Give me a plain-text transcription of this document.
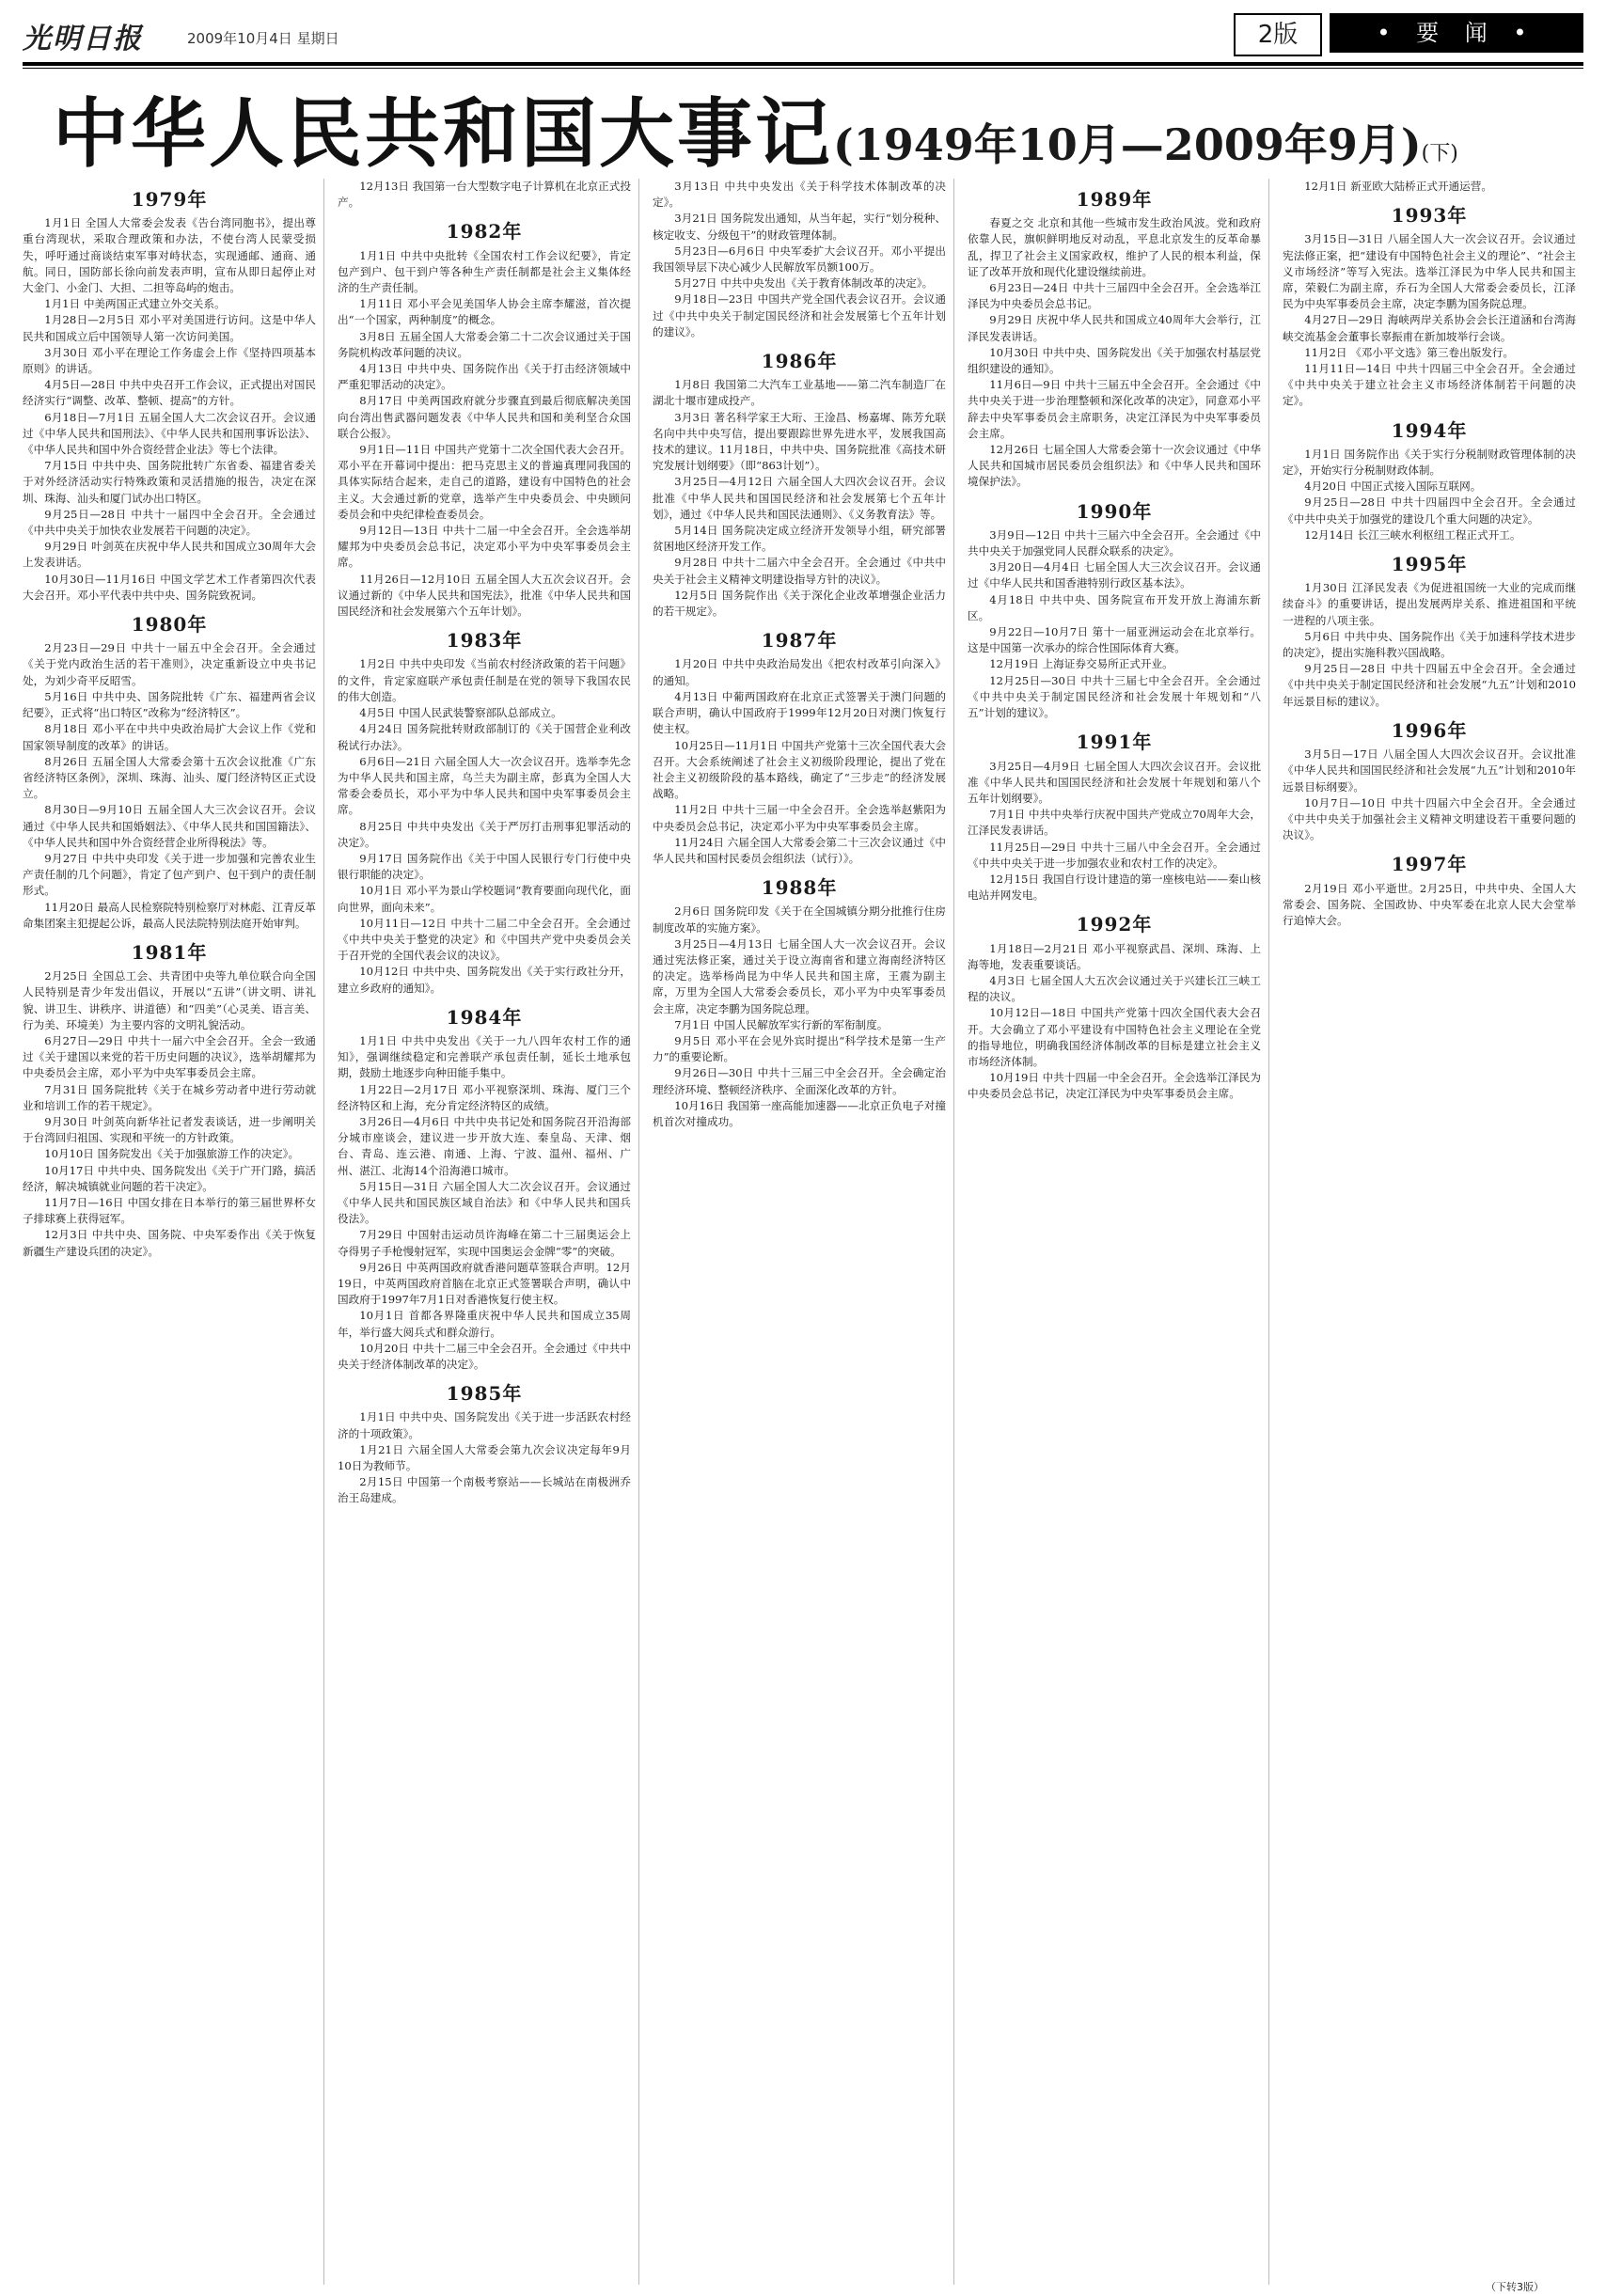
光明日报	2009年10月4日 星期日	2版	• 要 闻 •
中华人民共和国大事记(1949年10月—2009年9月)(下)
1979年

1月1日 全国人大常委会发表《告台湾同胞书》，提出尊重台湾现状，采取合理政策和办法，不使台湾人民蒙受损失，呼吁通过商谈结束军事对峙状态，实现通邮、通商、通航。同日，国防部长徐向前发表声明，宣布从即日起停止对大金门、小金门、大担、二担等岛屿的炮击。

1月1日 中美两国正式建立外交关系。

1月28日—2月5日 邓小平对美国进行访问。这是中华人民共和国成立后中国领导人第一次访问美国。

3月30日 邓小平在理论工作务虚会上作《坚持四项基本原则》的讲话。

4月5日—28日 中共中央召开工作会议，正式提出对国民经济实行“调整、改革、整顿、提高”的方针。

6月18日—7月1日 五届全国人大二次会议召开。会议通过《中华人民共和国刑法》、《中华人民共和国刑事诉讼法》、《中华人民共和国中外合资经营企业法》等七个法律。

7月15日 中共中央、国务院批转广东省委、福建省委关于对外经济活动实行特殊政策和灵活措施的报告，决定在深圳、珠海、汕头和厦门试办出口特区。

9月25日—28日 中共十一届四中全会召开。全会通过《中共中央关于加快农业发展若干问题的决定》。

9月29日 叶剑英在庆祝中华人民共和国成立30周年大会上发表讲话。

10月30日—11月16日 中国文学艺术工作者第四次代表大会召开。邓小平代表中共中央、国务院致祝词。

1980年

2月23日—29日 中共十一届五中全会召开。全会通过《关于党内政治生活的若干准则》，决定重新设立中央书记处，为刘少奇平反昭雪。

5月16日 中共中央、国务院批转《广东、福建两省会议纪要》，正式将“出口特区”改称为“经济特区”。

8月18日 邓小平在中共中央政治局扩大会议上作《党和国家领导制度的改革》的讲话。

8月26日 五届全国人大常委会第十五次会议批准《广东省经济特区条例》，深圳、珠海、汕头、厦门经济特区正式设立。

8月30日—9月10日 五届全国人大三次会议召开。会议通过《中华人民共和国婚姻法》、《中华人民共和国国籍法》、《中华人民共和国中外合资经营企业所得税法》等。

9月27日 中共中央印发《关于进一步加强和完善农业生产责任制的几个问题》，肯定了包产到户、包干到户的责任制形式。

11月20日 最高人民检察院特别检察厅对林彪、江青反革命集团案主犯提起公诉，最高人民法院特别法庭开始审判。

1981年

2月25日 全国总工会、共青团中央等九单位联合向全国人民特别是青少年发出倡议，开展以“五讲”（讲文明、讲礼貌、讲卫生、讲秩序、讲道德）和“四美”（心灵美、语言美、行为美、环境美）为主要内容的文明礼貌活动。

6月27日—29日 中共十一届六中全会召开。全会一致通过《关于建国以来党的若干历史问题的决议》，选举胡耀邦为中央委员会主席，邓小平为中央军事委员会主席。

7月31日 国务院批转《关于在城乡劳动者中进行劳动就业和培训工作的若干规定》。

9月30日 叶剑英向新华社记者发表谈话，进一步阐明关于台湾回归祖国、实现和平统一的方针政策。

10月10日 国务院发出《关于加强旅游工作的决定》。

10月17日 中共中央、国务院发出《关于广开门路，搞活经济，解决城镇就业问题的若干决定》。

11月7日—16日 中国女排在日本举行的第三届世界杯女子排球赛上获得冠军。

12月3日 中共中央、国务院、中央军委作出《关于恢复新疆生产建设兵团的决定》。

12月13日 我国第一台大型数字电子计算机在北京正式投产。

1982年

1月1日 中共中央批转《全国农村工作会议纪要》，肯定包产到户、包干到户等各种生产责任制都是社会主义集体经济的生产责任制。

1月11日 邓小平会见美国华人协会主席李耀滋，首次提出“一个国家，两种制度”的概念。

3月8日 五届全国人大常委会第二十二次会议通过关于国务院机构改革问题的决议。

4月13日 中共中央、国务院作出《关于打击经济领域中严重犯罪活动的决定》。

8月17日 中美两国政府就分步骤直到最后彻底解决美国向台湾出售武器问题发表《中华人民共和国和美利坚合众国联合公报》。

9月1日—11日 中国共产党第十二次全国代表大会召开。邓小平在开幕词中提出：把马克思主义的普遍真理同我国的具体实际结合起来，走自己的道路，建设有中国特色的社会主义。大会通过新的党章，选举产生中央委员会、中央顾问委员会和中央纪律检查委员会。

9月12日—13日 中共十二届一中全会召开。全会选举胡耀邦为中央委员会总书记，决定邓小平为中央军事委员会主席。

11月26日—12月10日 五届全国人大五次会议召开。会议通过新的《中华人民共和国宪法》，批准《中华人民共和国国民经济和社会发展第六个五年计划》。

1983年

1月2日 中共中央印发《当前农村经济政策的若干问题》的文件，肯定家庭联产承包责任制是在党的领导下我国农民的伟大创造。

4月5日 中国人民武装警察部队总部成立。

4月24日 国务院批转财政部制订的《关于国营企业利改税试行办法》。

6月6日—21日 六届全国人大一次会议召开。选举李先念为中华人民共和国主席，乌兰夫为副主席，彭真为全国人大常委会委员长，邓小平为中华人民共和国中央军事委员会主席。

8月25日 中共中央发出《关于严厉打击刑事犯罪活动的决定》。

9月17日 国务院作出《关于中国人民银行专门行使中央银行职能的决定》。

10月1日 邓小平为景山学校题词“教育要面向现代化，面向世界，面向未来”。

10月11日—12日 中共十二届二中全会召开。全会通过《中共中央关于整党的决定》和《中国共产党中央委员会关于召开党的全国代表会议的决议》。

10月12日 中共中央、国务院发出《关于实行政社分开，建立乡政府的通知》。

1984年

1月1日 中共中央发出《关于一九八四年农村工作的通知》，强调继续稳定和完善联产承包责任制，延长土地承包期，鼓励土地逐步向种田能手集中。

1月22日—2月17日 邓小平视察深圳、珠海、厦门三个经济特区和上海，充分肯定经济特区的成绩。

3月26日—4月6日 中共中央书记处和国务院召开沿海部分城市座谈会，建议进一步开放大连、秦皇岛、天津、烟台、青岛、连云港、南通、上海、宁波、温州、福州、广州、湛江、北海14个沿海港口城市。

5月15日—31日 六届全国人大二次会议召开。会议通过《中华人民共和国民族区域自治法》和《中华人民共和国兵役法》。

7月29日 中国射击运动员许海峰在第二十三届奥运会上夺得男子手枪慢射冠军，实现中国奥运会金牌“零”的突破。

9月26日 中英两国政府就香港问题草签联合声明。12月19日，中英两国政府首脑在北京正式签署联合声明，确认中国政府于1997年7月1日对香港恢复行使主权。

10月1日 首都各界隆重庆祝中华人民共和国成立35周年，举行盛大阅兵式和群众游行。

10月20日 中共十二届三中全会召开。全会通过《中共中央关于经济体制改革的决定》。

1985年

1月1日 中共中央、国务院发出《关于进一步活跃农村经济的十项政策》。

1月21日 六届全国人大常委会第九次会议决定每年9月10日为教师节。

2月15日 中国第一个南极考察站——长城站在南极洲乔治王岛建成。

3月13日 中共中央发出《关于科学技术体制改革的决定》。

3月21日 国务院发出通知，从当年起，实行“划分税种、核定收支、分级包干”的财政管理体制。

5月23日—6月6日 中央军委扩大会议召开。邓小平提出我国领导层下决心减少人民解放军员额100万。

5月27日 中共中央发出《关于教育体制改革的决定》。

9月18日—23日 中国共产党全国代表会议召开。会议通过《中共中央关于制定国民经济和社会发展第七个五年计划的建议》。

1986年

1月8日 我国第二大汽车工业基地——第二汽车制造厂在湖北十堰市建成投产。

3月3日 著名科学家王大珩、王淦昌、杨嘉墀、陈芳允联名向中共中央写信，提出要跟踪世界先进水平，发展我国高技术的建议。11月18日，中共中央、国务院批准《高技术研究发展计划纲要》（即“863计划”）。

3月25日—4月12日 六届全国人大四次会议召开。会议批准《中华人民共和国国民经济和社会发展第七个五年计划》，通过《中华人民共和国民法通则》、《义务教育法》等。

5月14日 国务院决定成立经济开发领导小组，研究部署贫困地区经济开发工作。

9月28日 中共十二届六中全会召开。全会通过《中共中央关于社会主义精神文明建设指导方针的决议》。

12月5日 国务院作出《关于深化企业改革增强企业活力的若干规定》。

1987年

1月20日 中共中央政治局发出《把农村改革引向深入》的通知。

4月13日 中葡两国政府在北京正式签署关于澳门问题的联合声明，确认中国政府于1999年12月20日对澳门恢复行使主权。

10月25日—11月1日 中国共产党第十三次全国代表大会召开。大会系统阐述了社会主义初级阶段理论，提出了党在社会主义初级阶段的基本路线，确定了“三步走”的经济发展战略。

11月2日 中共十三届一中全会召开。全会选举赵紫阳为中央委员会总书记，决定邓小平为中央军事委员会主席。

11月24日 六届全国人大常委会第二十三次会议通过《中华人民共和国村民委员会组织法（试行）》。

1988年

2月6日 国务院印发《关于在全国城镇分期分批推行住房制度改革的实施方案》。

3月25日—4月13日 七届全国人大一次会议召开。会议通过宪法修正案，通过关于设立海南省和建立海南经济特区的决定。选举杨尚昆为中华人民共和国主席，王震为副主席，万里为全国人大常委会委员长，邓小平为中央军事委员会主席，决定李鹏为国务院总理。

7月1日 中国人民解放军实行新的军衔制度。

9月5日 邓小平在会见外宾时提出“科学技术是第一生产力”的重要论断。

9月26日—30日 中共十三届三中全会召开。全会确定治理经济环境、整顿经济秩序、全面深化改革的方针。

10月16日 我国第一座高能加速器——北京正负电子对撞机首次对撞成功。

1989年

春夏之交 北京和其他一些城市发生政治风波。党和政府依靠人民，旗帜鲜明地反对动乱，平息北京发生的反革命暴乱，捍卫了社会主义国家政权，维护了人民的根本利益，保证了改革开放和现代化建设继续前进。

6月23日—24日 中共十三届四中全会召开。全会选举江泽民为中央委员会总书记。

9月29日 庆祝中华人民共和国成立40周年大会举行，江泽民发表讲话。

10月30日 中共中央、国务院发出《关于加强农村基层党组织建设的通知》。

11月6日—9日 中共十三届五中全会召开。全会通过《中共中央关于进一步治理整顿和深化改革的决定》，同意邓小平辞去中央军事委员会主席职务，决定江泽民为中央军事委员会主席。

12月26日 七届全国人大常委会第十一次会议通过《中华人民共和国城市居民委员会组织法》和《中华人民共和国环境保护法》。

1990年

3月9日—12日 中共十三届六中全会召开。全会通过《中共中央关于加强党同人民群众联系的决定》。

3月20日—4月4日 七届全国人大三次会议召开。会议通过《中华人民共和国香港特别行政区基本法》。

4月18日 中共中央、国务院宣布开发开放上海浦东新区。

9月22日—10月7日 第十一届亚洲运动会在北京举行。这是中国第一次承办的综合性国际体育大赛。

12月19日 上海证券交易所正式开业。

12月25日—30日 中共十三届七中全会召开。全会通过《中共中央关于制定国民经济和社会发展十年规划和“八五”计划的建议》。

1991年

3月25日—4月9日 七届全国人大四次会议召开。会议批准《中华人民共和国国民经济和社会发展十年规划和第八个五年计划纲要》。

7月1日 中共中央举行庆祝中国共产党成立70周年大会，江泽民发表讲话。

11月25日—29日 中共十三届八中全会召开。全会通过《中共中央关于进一步加强农业和农村工作的决定》。

12月15日 我国自行设计建造的第一座核电站——秦山核电站并网发电。

1992年

1月18日—2月21日 邓小平视察武昌、深圳、珠海、上海等地，发表重要谈话。

4月3日 七届全国人大五次会议通过关于兴建长江三峡工程的决议。

10月12日—18日 中国共产党第十四次全国代表大会召开。大会确立了邓小平建设有中国特色社会主义理论在全党的指导地位，明确我国经济体制改革的目标是建立社会主义市场经济体制。

10月19日 中共十四届一中全会召开。全会选举江泽民为中央委员会总书记，决定江泽民为中央军事委员会主席。

12月1日 新亚欧大陆桥正式开通运营。

1993年

3月15日—31日 八届全国人大一次会议召开。会议通过宪法修正案，把“建设有中国特色社会主义的理论”、“社会主义市场经济”等写入宪法。选举江泽民为中华人民共和国主席，荣毅仁为副主席，乔石为全国人大常委会委员长，江泽民为中央军事委员会主席，决定李鹏为国务院总理。

4月27日—29日 海峡两岸关系协会会长汪道涵和台湾海峡交流基金会董事长辜振甫在新加坡举行会谈。

11月2日 《邓小平文选》第三卷出版发行。

11月11日—14日 中共十四届三中全会召开。全会通过《中共中央关于建立社会主义市场经济体制若干问题的决定》。

1994年

1月1日 国务院作出《关于实行分税制财政管理体制的决定》，开始实行分税制财政体制。

4月20日 中国正式接入国际互联网。

9月25日—28日 中共十四届四中全会召开。全会通过《中共中央关于加强党的建设几个重大问题的决定》。

12月14日 长江三峡水利枢纽工程正式开工。

1995年

1月30日 江泽民发表《为促进祖国统一大业的完成而继续奋斗》的重要讲话，提出发展两岸关系、推进祖国和平统一进程的八项主张。

5月6日 中共中央、国务院作出《关于加速科学技术进步的决定》，提出实施科教兴国战略。

9月25日—28日 中共十四届五中全会召开。全会通过《中共中央关于制定国民经济和社会发展“九五”计划和2010年远景目标的建议》。

1996年

3月5日—17日 八届全国人大四次会议召开。会议批准《中华人民共和国国民经济和社会发展“九五”计划和2010年远景目标纲要》。

10月7日—10日 中共十四届六中全会召开。全会通过《中共中央关于加强社会主义精神文明建设若干重要问题的决议》。

1997年

2月19日 邓小平逝世。2月25日，中共中央、全国人大常委会、国务院、全国政协、中央军委在北京人民大会堂举行追悼大会。

（下转3版）
